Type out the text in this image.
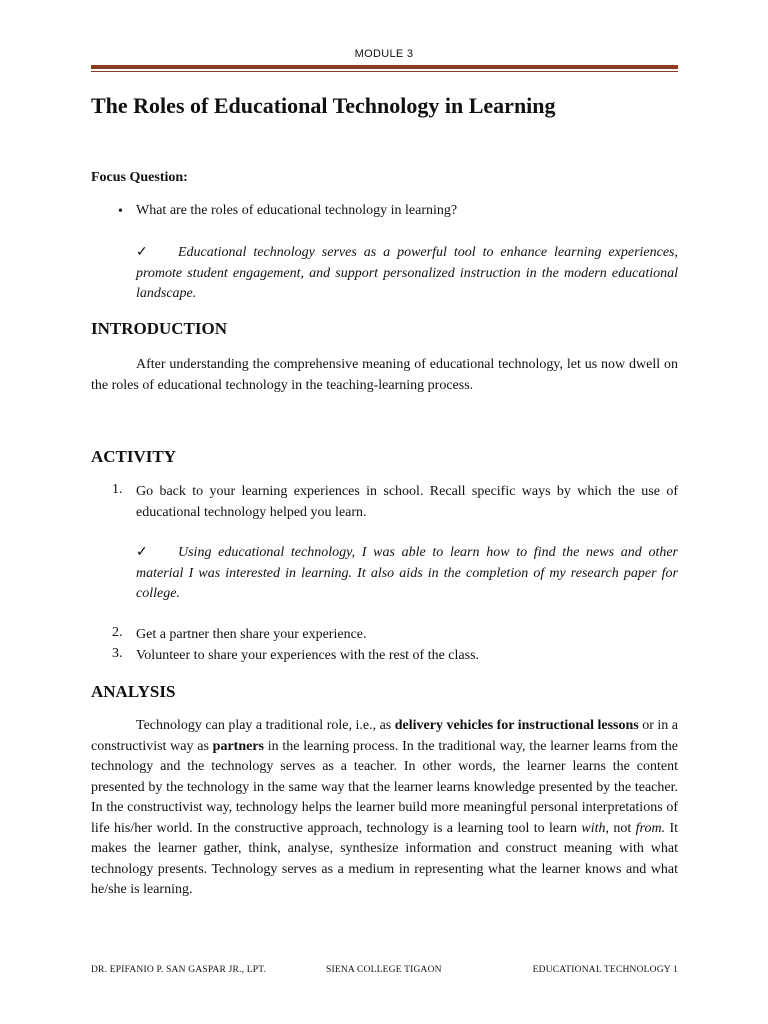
MODULE 3
The Roles of Educational Technology in Learning
Focus Question:
• What are the roles of educational technology in learning?
✓ Educational technology serves as a powerful tool to enhance learning experiences, promote student engagement, and support personalized instruction in the modern educational landscape.
INTRODUCTION

After understanding the comprehensive meaning of educational technology, let us now dwell on the roles of educational technology in the teaching-learning process.

ACTIVITY
1. Go back to your learning experiences in school. Recall specific ways by which the use of educational technology helped you learn.
✓ Using educational technology, I was able to learn how to find the news and other material I was interested in learning. It also aids in the completion of my research paper for college.
2. Get a partner then share your experience.
3. Volunteer to share your experiences with the rest of the class.
ANALYSIS

Technology can play a traditional role, i.e., as delivery vehicles for instructional lessons or in a constructivist way as partners in the learning process. In the traditional way, the learner learns from the technology and the technology serves as a teacher. In other words, the learner learns the content presented by the technology in the same way that the learner learns knowledge presented by the teacher. In the constructivist way, technology helps the learner build more meaningful personal interpretations of life his/her world. In the constructive approach, technology is a learning tool to learn with, not from. It makes the learner gather, think, analyse, synthesize information and construct meaning with what technology presents. Technology serves as a medium in representing what the learner knows and what he/she is learning.

DR. EPIFANIO P. SAN GASPAR JR., LPT.	SIENA COLLEGE TIGAON	EDUCATIONAL TECHNOLOGY 1
